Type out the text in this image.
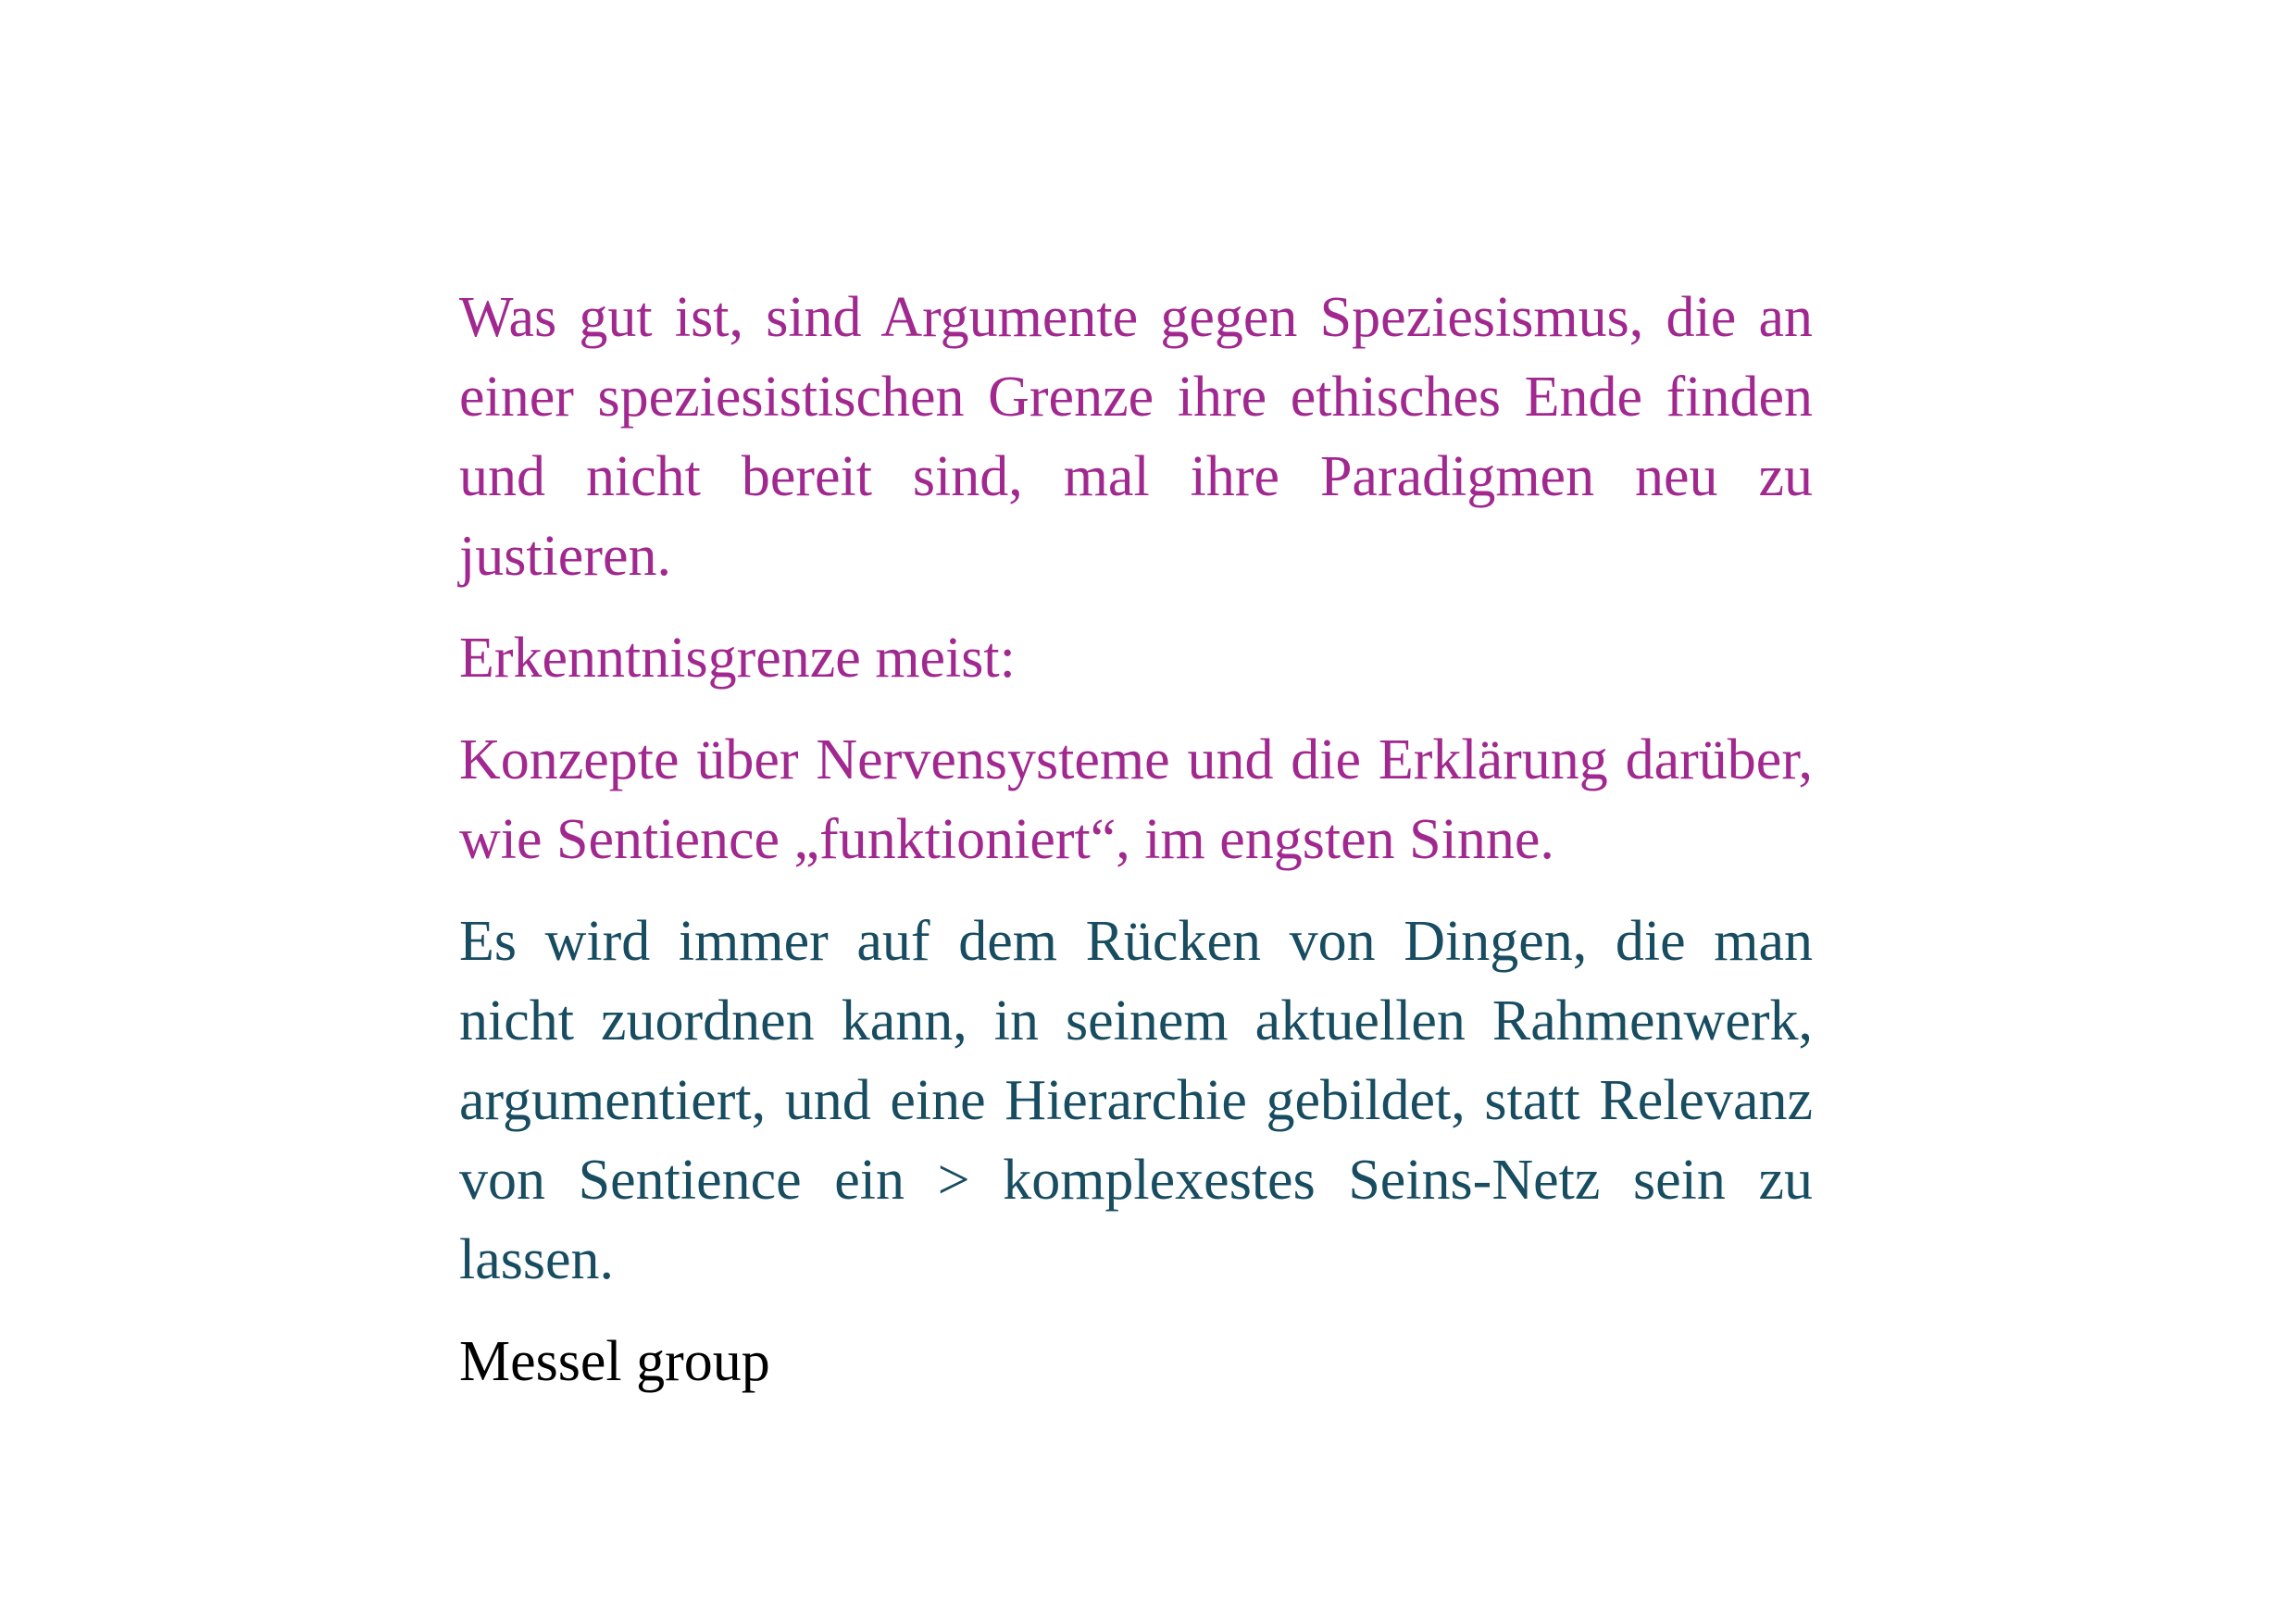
Was gut ist, sind Argumente gegen Speziesismus, die an einer speziesistischen Grenze ihre ethisches Ende finden und nicht bereit sind, mal ihre Paradigmen neu zu justieren.

Erkenntnisgrenze meist:

Konzepte über Nervensysteme und die Erklärung darüber, wie Sentience „funktioniert“, im engsten Sinne.

Es wird immer auf dem Rücken von Dingen, die man nicht zuordnen kann, in seinem aktuellen Rahmenwerk, argumentiert, und eine Hierarchie gebildet, statt Relevanz von Sentience ein > komplexestes Seins-Netz sein zu lassen.

Messel group
